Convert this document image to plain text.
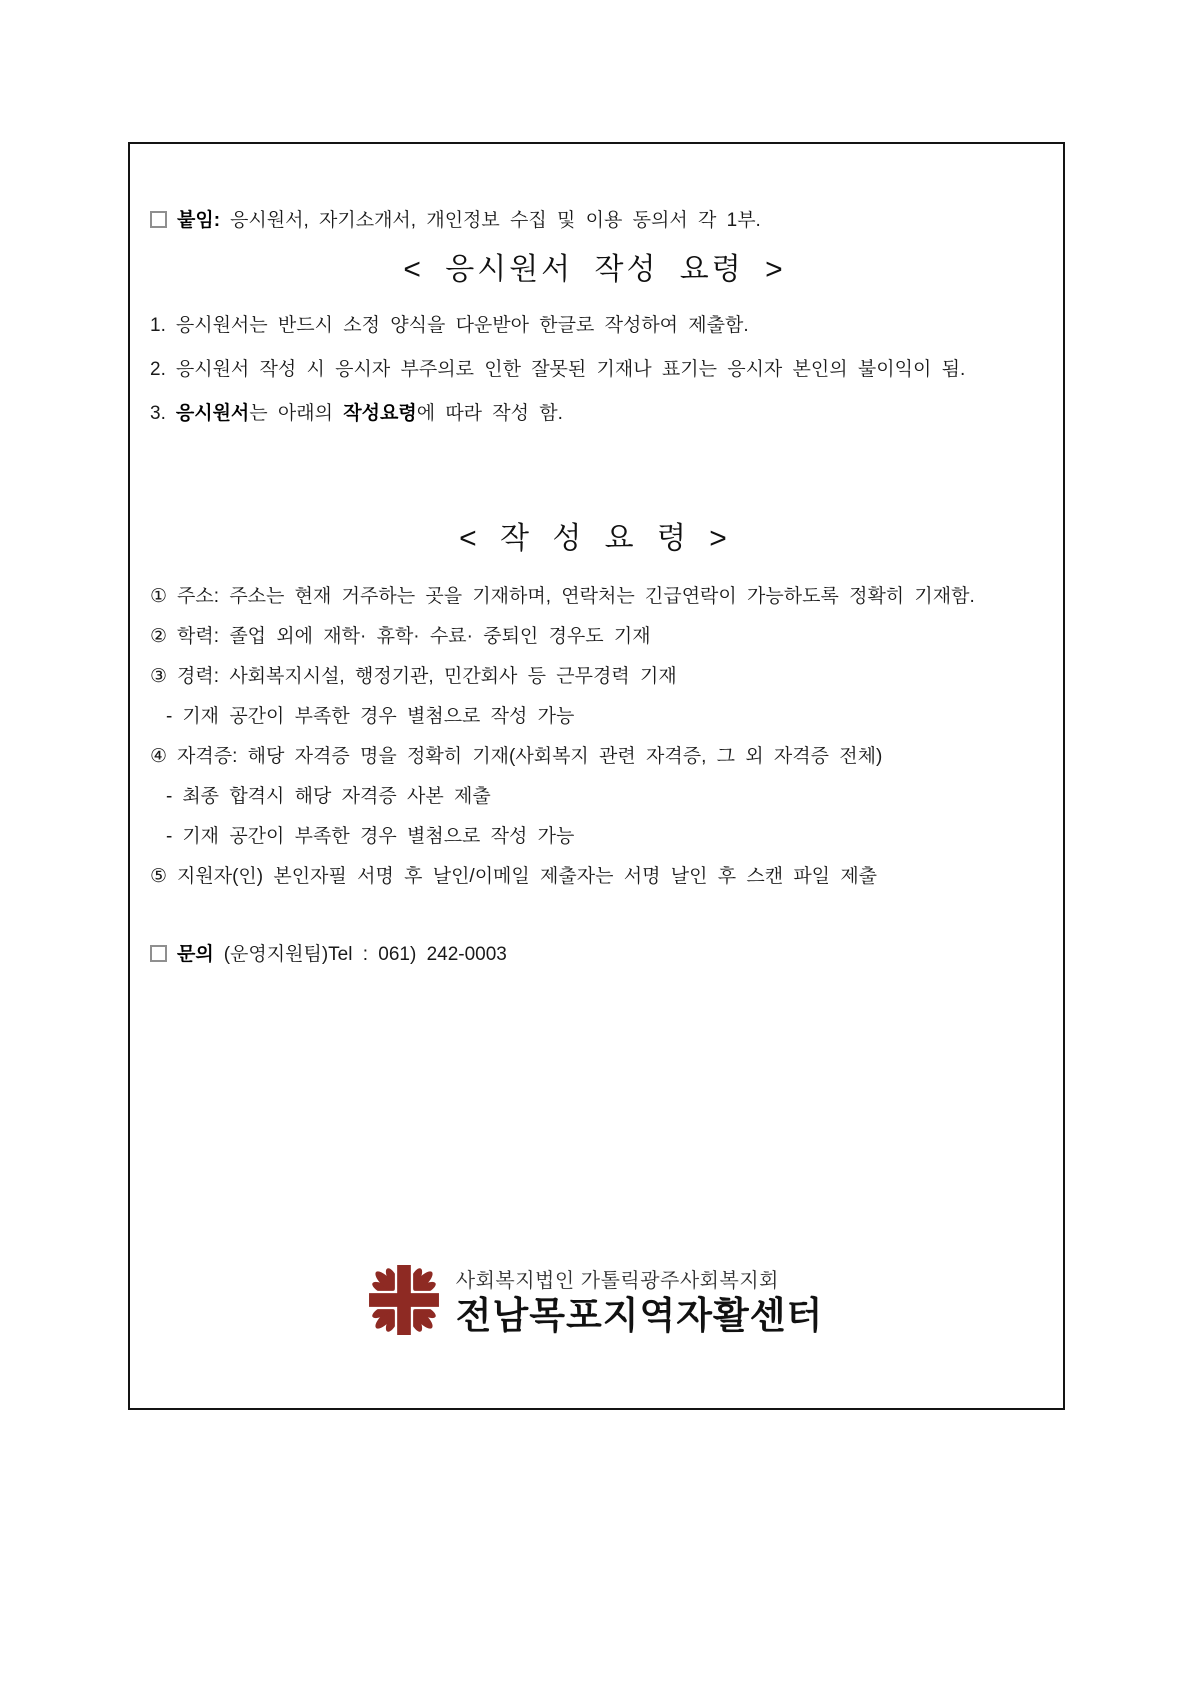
붙임: 응시원서, 자기소개서, 개인정보 수집 및 이용 동의서 각 1부.

< 응시원서 작성 요령 >

1. 응시원서는 반드시 소정 양식을 다운받아 한글로 작성하여 제출함.

2. 응시원서 작성 시 응시자 부주의로 인한 잘못된 기재나 표기는 응시자 본인의 불이익이 됨.

3. 응시원서는 아래의 작성요령에 따라 작성 함.

< 작 성 요 령 >

① 주소: 주소는 현재 거주하는 곳을 기재하며, 연락처는 긴급연락이 가능하도록 정확히 기재함.

② 학력: 졸업 외에 재학· 휴학· 수료· 중퇴인 경우도 기재

③ 경력: 사회복지시설, 행정기관, 민간회사 등 근무경력 기재

- 기재 공간이 부족한 경우 별첨으로 작성 가능

④ 자격증: 해당 자격증 명을 정확히 기재(사회복지 관련 자격증, 그 외 자격증 전체)

- 최종 합격시 해당 자격증 사본 제출

- 기재 공간이 부족한 경우 별첨으로 작성 가능

⑤ 지원자(인) 본인자필 서명 후 날인/이메일 제출자는 서명 날인 후 스캔 파일 제출

문의 (운영지원팀)Tel : 061) 242-0003

사회복지법인 가톨릭광주사회복지회
전남목포지역자활센터
